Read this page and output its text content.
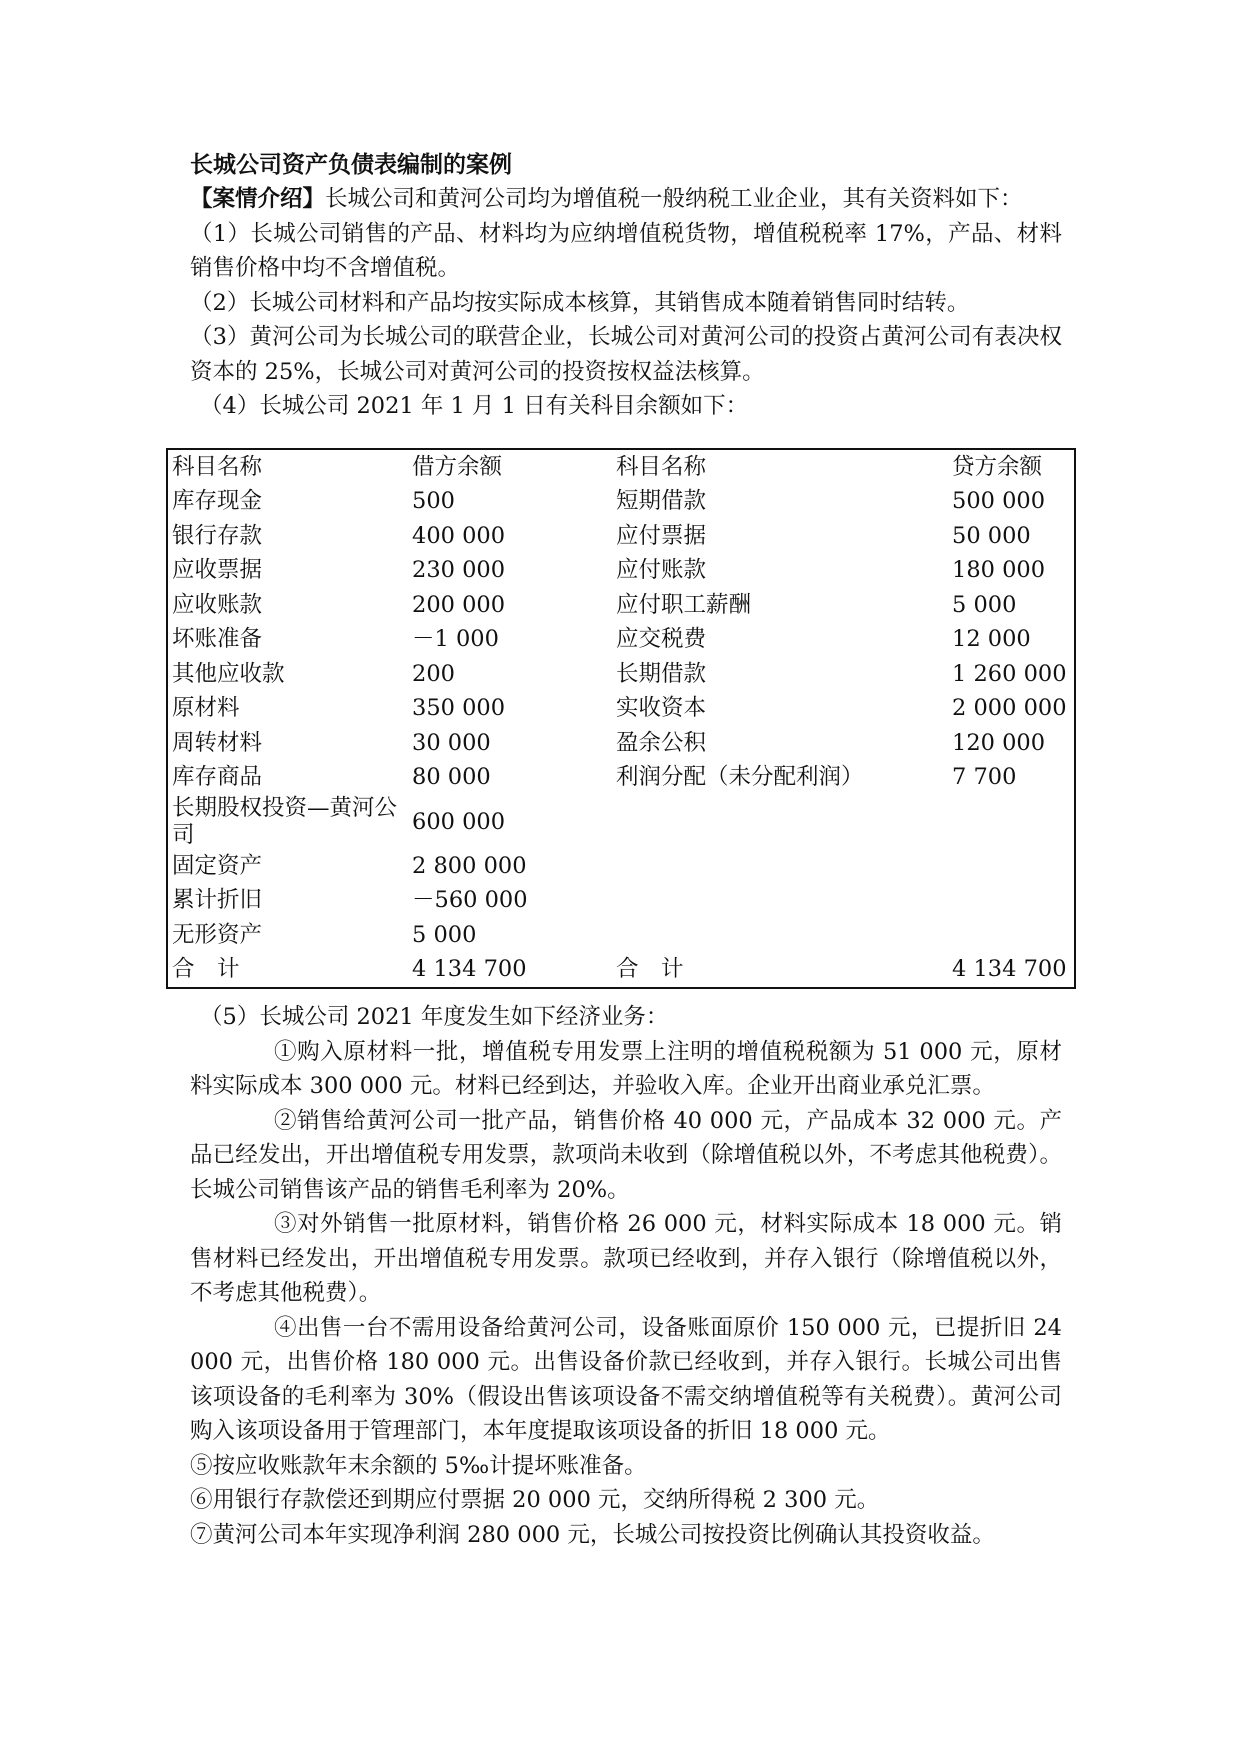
长城公司资产负债表编制的案例

【案情介绍】长城公司和黄河公司均为增值税一般纳税工业企业，其有关资料如下：

（1）长城公司销售的产品、材料均为应纳增值税货物，增值税税率 17%，产品、材料销售价格中均不含增值税。

（2）长城公司材料和产品均按实际成本核算，其销售成本随着销售同时结转。

（3）黄河公司为长城公司的联营企业，长城公司对黄河公司的投资占黄河公司有表决权资本的 25%，长城公司对黄河公司的投资按权益法核算。

（4）长城公司 2021 年 1 月 1 日有关科目余额如下：

科目名称	借方余额	科目名称	贷方余额
库存现金	500	短期借款	500 000
银行存款	400 000	应付票据	50 000
应收票据	230 000	应付账款	180 000
应收账款	200 000	应付职工薪酬	5 000
坏账准备	－1 000	应交税费	12 000
其他应收款	200	长期借款	1 260 000
原材料	350 000	实收资本	2 000 000
周转材料	30 000	盈余公积	120 000
库存商品	80 000	利润分配（未分配利润）	7 700
长期股权投资—黄河公司	600 000		
固定资产	2 800 000		
累计折旧	－560 000		
无形资产	5 000		
合　计	4 134 700	合　计	4 134 700

（5）长城公司 2021 年度发生如下经济业务：

①购入原材料一批，增值税专用发票上注明的增值税税额为 51 000 元，原材料实际成本 300 000 元。材料已经到达，并验收入库。企业开出商业承兑汇票。

②销售给黄河公司一批产品，销售价格 40 000 元，产品成本 32 000 元。产品已经发出，开出增值税专用发票，款项尚未收到（除增值税以外，不考虑其他税费）。长城公司销售该产品的销售毛利率为 20%。

③对外销售一批原材料，销售价格 26 000 元，材料实际成本 18 000 元。销售材料已经发出，开出增值税专用发票。款项已经收到，并存入银行（除增值税以外，不考虑其他税费）。

④出售一台不需用设备给黄河公司，设备账面原价 150 000 元，已提折旧 24 000 元，出售价格 180 000 元。出售设备价款已经收到，并存入银行。长城公司出售该项设备的毛利率为 30%（假设出售该项设备不需交纳增值税等有关税费）。黄河公司购入该项设备用于管理部门，本年度提取该项设备的折旧 18 000 元。

⑤按应收账款年末余额的 5‰计提坏账准备。

⑥用银行存款偿还到期应付票据 20 000 元，交纳所得税 2 300 元。

⑦黄河公司本年实现净利润 280 000 元，长城公司按投资比例确认其投资收益。
